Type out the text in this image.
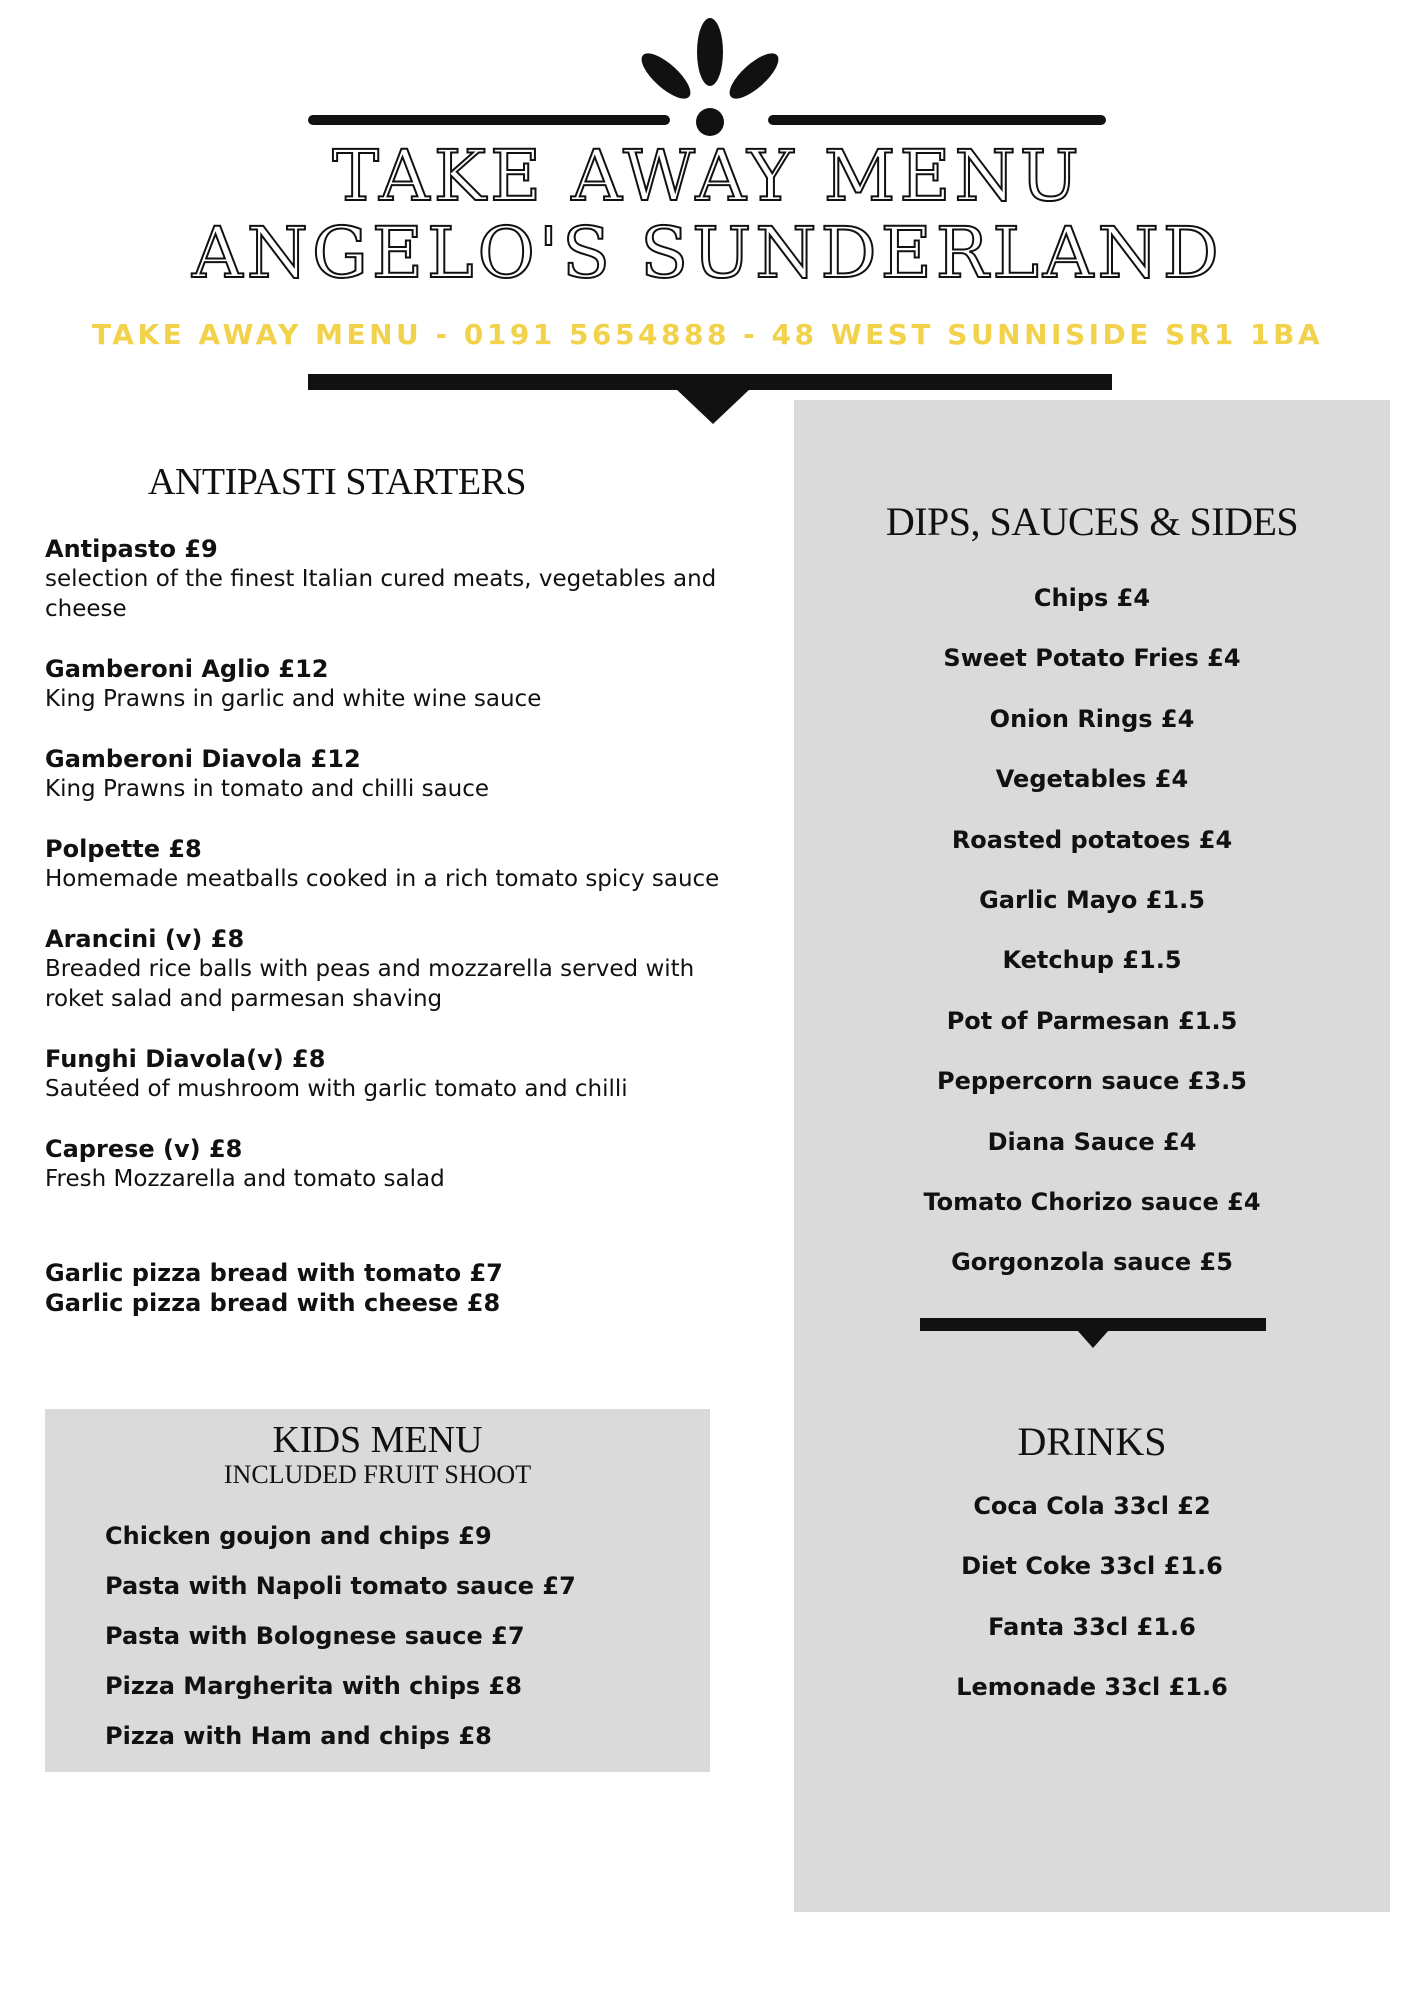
TAKE AWAY MENU
ANGELO'S SUNDERLAND

TAKE AWAY MENU - 0191 5654888 - 48 WEST SUNNISIDE SR1 1BA

DIPS, SAUCES & SIDES
Chips £4
Sweet Potato Fries £4
Onion Rings £4
Vegetables £4
Roasted potatoes £4
Garlic Mayo £1.5
Ketchup £1.5
Pot of Parmesan £1.5
Peppercorn sauce £3.5
Diana Sauce £4
Tomato Chorizo sauce £4
Gorgonzola sauce £5
DRINKS
Coca Cola 33cl £2
Diet Coke 33cl £1.6
Fanta 33cl £1.6
Lemonade 33cl £1.6
ANTIPASTI STARTERS
Antipasto £9
selection of the finest Italian cured meats, vegetables and cheese
Gamberoni Aglio £12
King Prawns in garlic and white wine sauce
Gamberoni Diavola £12
King Prawns in tomato and chilli sauce
Polpette £8
Homemade meatballs cooked in a rich tomato spicy sauce
Arancini (v) £8
Breaded rice balls with peas and mozzarella served with roket salad and parmesan shaving
Funghi Diavola(v) £8
Sautéed of mushroom with garlic tomato and chilli
Caprese (v) £8
Fresh Mozzarella and tomato salad
Garlic pizza bread with tomato £7
Garlic pizza bread with cheese £8
KIDS MENU
INCLUDED FRUIT SHOOT
Chicken goujon and chips £9
Pasta with Napoli tomato sauce £7
Pasta with Bolognese sauce £7
Pizza Margherita with chips £8
Pizza with Ham and chips £8
